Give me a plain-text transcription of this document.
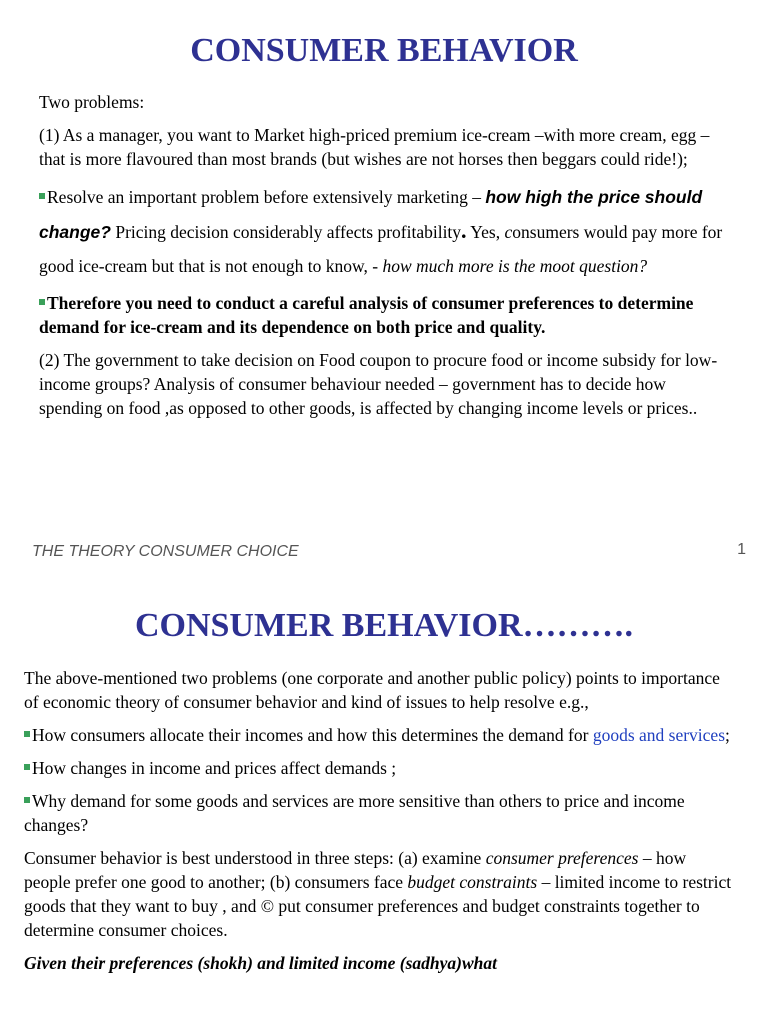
CONSUMER BEHAVIOR

Two problems:

(1) As a manager, you want to Market high-priced premium ice-cream –with more cream, egg – that is more flavoured than most brands (but wishes are not horses then beggars could ride!);

Resolve an important problem before extensively marketing – how high the price should change? Pricing decision considerably affects profitability. Yes, consumers would pay more for good ice-cream but that is not enough to know, - how much more is the moot question?

Therefore you need to conduct a careful analysis of consumer preferences to determine demand for ice-cream and its dependence on both price and quality.

(2) The government to take decision on Food coupon to procure food or income subsidy for low-income groups? Analysis of consumer behaviour needed – government has to decide how spending on food ,as opposed to other goods, is affected by changing income levels or prices..

THE THEORY CONSUMER CHOICE	1
CONSUMER BEHAVIOR……….

The above-mentioned two problems (one corporate and another public policy) points to importance of economic theory of consumer behavior and kind of issues to help resolve e.g.,

How consumers allocate their incomes and how this determines the demand for goods and services;

How changes in income and prices affect demands ;

Why demand for some goods and services are more sensitive than others to price and income changes?

Consumer behavior is best understood in three steps: (a) examine consumer preferences – how people prefer one good to another; (b) consumers face budget constraints – limited income to restrict goods that they want to buy , and © put consumer preferences and budget constraints together to determine consumer choices.

Given their preferences (shokh) and limited income (sadhya)what
